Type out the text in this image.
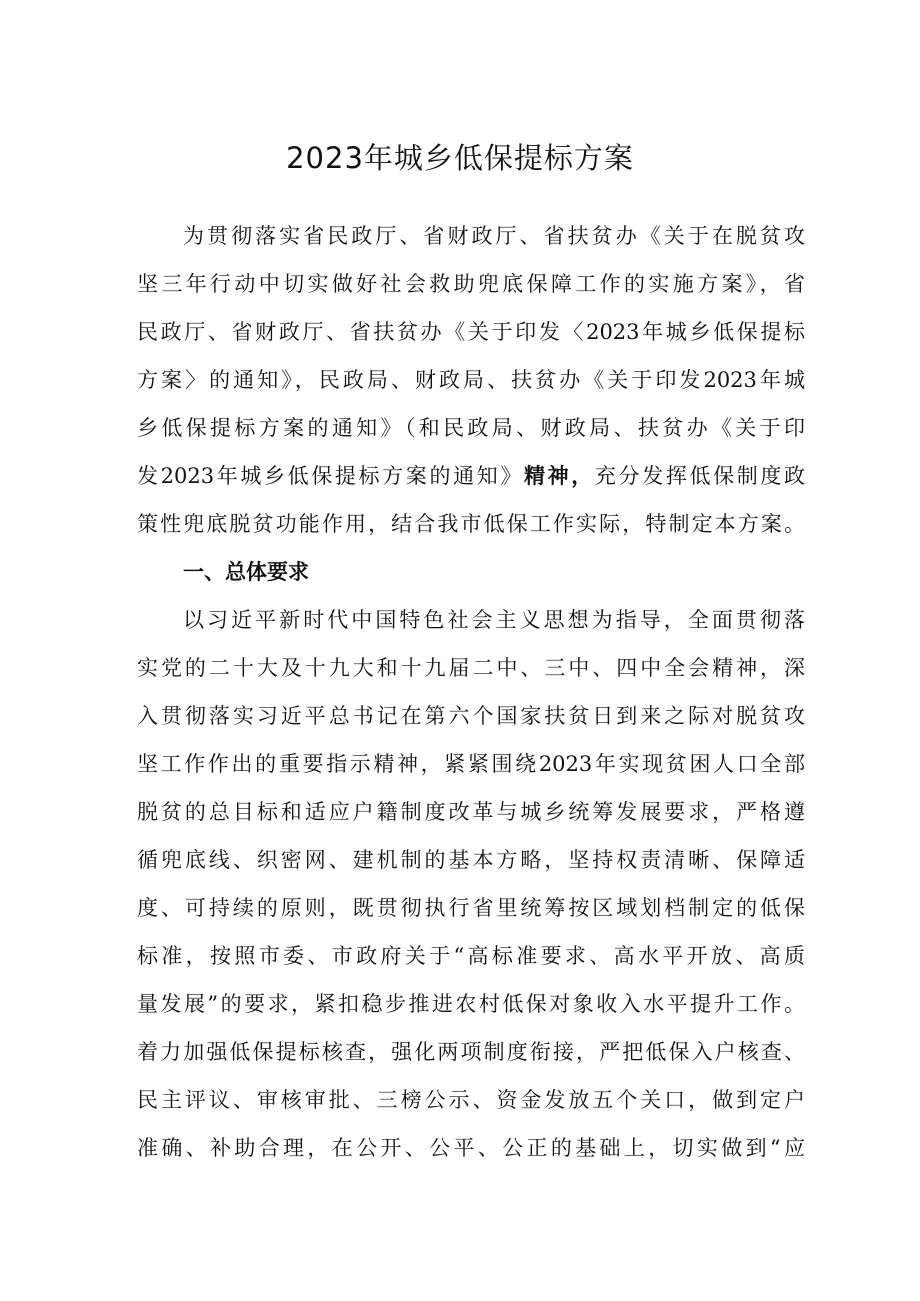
2023年城乡低保提标方案
为贯彻落实省民政厅、省财政厅、省扶贫办《关于在脱贫攻
坚三年行动中切实做好社会救助兜底保障工作的实施方案》，省
民政厅、省财政厅、省扶贫办《关于印发〈2023年城乡低保提标
方案〉的通知》，民政局、财政局、扶贫办《关于印发2023年城
乡低保提标方案的通知》（和民政局、财政局、扶贫办《关于印
发2023年城乡低保提标方案的通知》精神，充分发挥低保制度政
策性兜底脱贫功能作用，结合我市低保工作实际，特制定本方案。
一、总体要求
以习近平新时代中国特色社会主义思想为指导，全面贯彻落
实党的二十大及十九大和十九届二中、三中、四中全会精神，深
入贯彻落实习近平总书记在第六个国家扶贫日到来之际对脱贫攻
坚工作作出的重要指示精神，紧紧围绕2023年实现贫困人口全部
脱贫的总目标和适应户籍制度改革与城乡统筹发展要求，严格遵
循兜底线、织密网、建机制的基本方略，坚持权责清晰、保障适
度、可持续的原则，既贯彻执行省里统筹按区域划档制定的低保
标准，按照市委、市政府关于“高标准要求、高水平开放、高质
量发展”的要求，紧扣稳步推进农村低保对象收入水平提升工作。
着力加强低保提标核查，强化两项制度衔接，严把低保入户核查、
民主评议、审核审批、三榜公示、资金发放五个关口，做到定户
准确、补助合理，在公开、公平、公正的基础上，切实做到“应
